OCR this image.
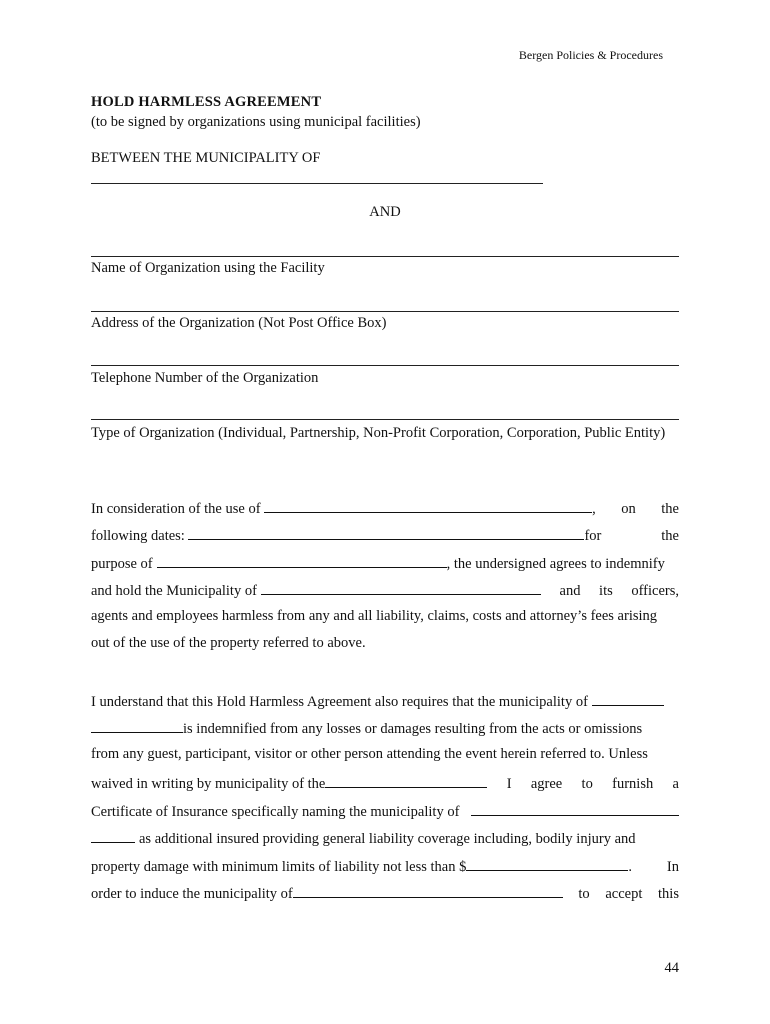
Bergen Policies & Procedures
HOLD HARMLESS AGREEMENT
(to be signed by organizations using municipal facilities)
BETWEEN THE MUNICIPALITY OF
AND
Name of Organization using the Facility
Address of the Organization (Not Post Office Box)
Telephone Number of the Organization
Type of Organization (Individual, Partnership, Non-Profit Corporation, Corporation, Public Entity)
In consideration of the use of	, on the
following dates:	for	the
purpose of	, the undersigned agrees to indemnify
and hold the Municipality of	and its officers,
agents and employees harmless from any and all liability, claims, costs and attorney’s fees arising
out of the use of the property referred to above.
I understand that this Hold Harmless Agreement also requires that the municipality of
is indemnified from any losses or damages resulting from the acts or omissions
from any guest, participant, visitor or other person attending the event herein referred to. Unless
waived in writing by municipality of the	I agree to furnish a
Certificate of Insurance specifically naming the municipality of
as additional insured providing general liability coverage including, bodily injury and
property damage with minimum limits of liability not less than $	. In
order to induce the municipality of	to accept this
44
